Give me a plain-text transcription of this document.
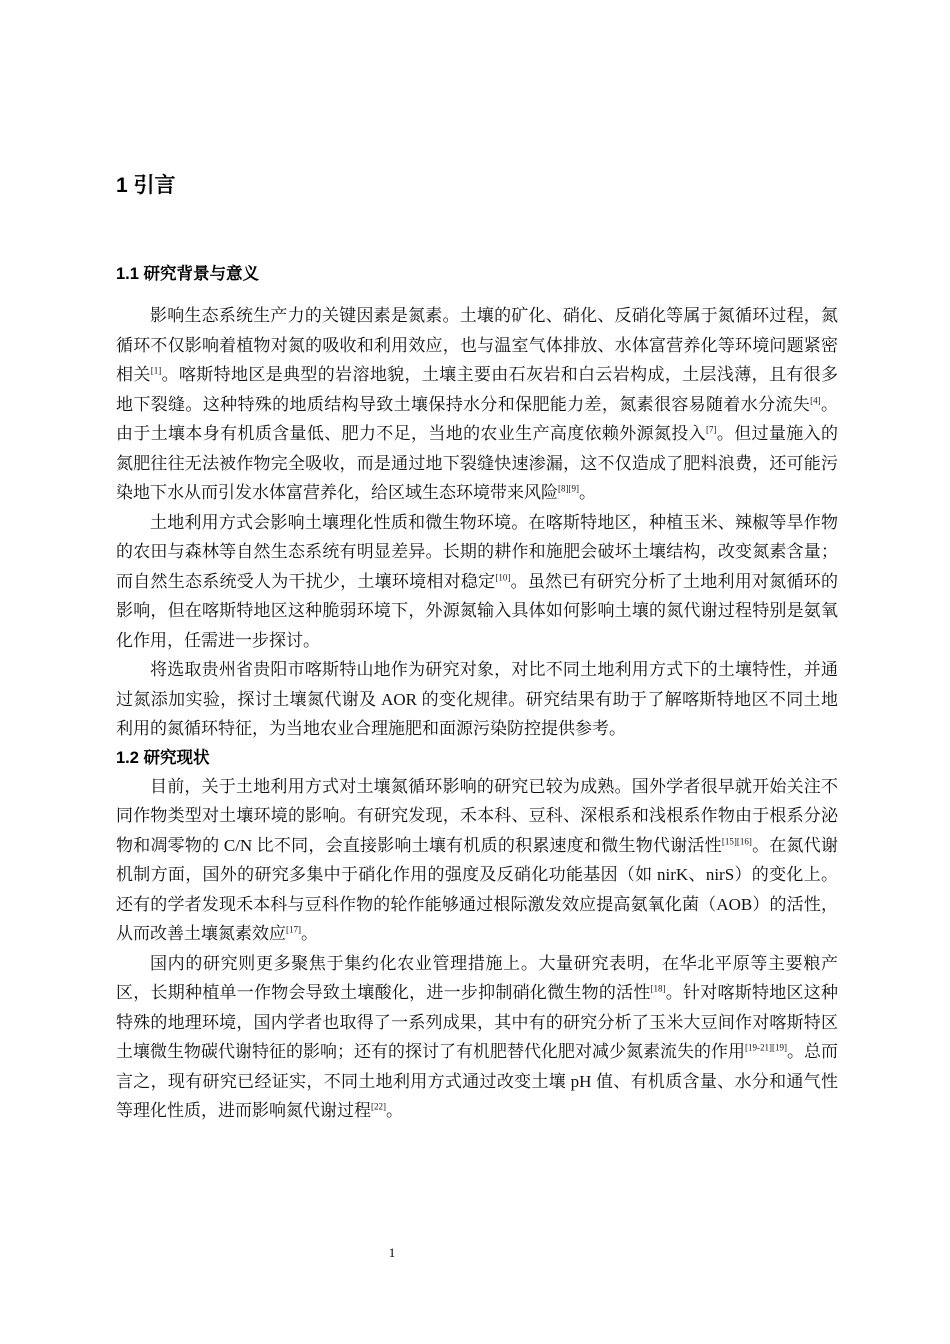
1 引言
1.1 研究背景与意义

影响生态系统生产力的关键因素是氮素。土壤的矿化、硝化、反硝化等属于氮循环过程，氮循环不仅影响着植物对氮的吸收和利用效应，也与温室气体排放、水体富营养化等环境问题紧密相关[1]。喀斯特地区是典型的岩溶地貌，土壤主要由石灰岩和白云岩构成，土层浅薄，且有很多地下裂缝。这种特殊的地质结构导致土壤保持水分和保肥能力差，氮素很容易随着水分流失[4]。由于土壤本身有机质含量低、肥力不足，当地的农业生产高度依赖外源氮投入[7]。但过量施入的氮肥往往无法被作物完全吸收，而是通过地下裂缝快速渗漏，这不仅造成了肥料浪费，还可能污染地下水从而引发水体富营养化，给区域生态环境带来风险[8][9]。

土地利用方式会影响土壤理化性质和微生物环境。在喀斯特地区，种植玉米、辣椒等旱作物的农田与森林等自然生态系统有明显差异。长期的耕作和施肥会破坏土壤结构，改变氮素含量；而自然生态系统受人为干扰少，土壤环境相对稳定[10]。虽然已有研究分析了土地利用对氮循环的影响，但在喀斯特地区这种脆弱环境下，外源氮输入具体如何影响土壤的氮代谢过程特别是氨氧化作用，任需进一步探讨。

将选取贵州省贵阳市喀斯特山地作为研究对象，对比不同土地利用方式下的土壤特性，并通过氮添加实验，探讨土壤氮代谢及 AOR 的变化规律。研究结果有助于了解喀斯特地区不同土地利用的氮循环特征，为当地农业合理施肥和面源污染防控提供参考。

1.2 研究现状

目前，关于土地利用方式对土壤氮循环影响的研究已较为成熟。国外学者很早就开始关注不同作物类型对土壤环境的影响。有研究发现，禾本科、豆科、深根系和浅根系作物由于根系分泌物和凋零物的 C/N 比不同，会直接影响土壤有机质的积累速度和微生物代谢活性[15][16]。在氮代谢机制方面，国外的研究多集中于硝化作用的强度及反硝化功能基因（如 nirK、nirS）的变化上。还有的学者发现禾本科与豆科作物的轮作能够通过根际激发效应提高氨氧化菌（AOB）的活性，从而改善土壤氮素效应[17]。

国内的研究则更多聚焦于集约化农业管理措施上。大量研究表明，在华北平原等主要粮产区，长期种植单一作物会导致土壤酸化，进一步抑制硝化微生物的活性[18]。针对喀斯特地区这种特殊的地理环境，国内学者也取得了一系列成果，其中有的研究分析了玉米大豆间作对喀斯特区土壤微生物碳代谢特征的影响；还有的探讨了有机肥替代化肥对减少氮素流失的作用[19-21][19]。总而言之，现有研究已经证实，不同土地利用方式通过改变土壤 pH 值、有机质含量、水分和通气性等理化性质，进而影响氮代谢过程[22]。

1
